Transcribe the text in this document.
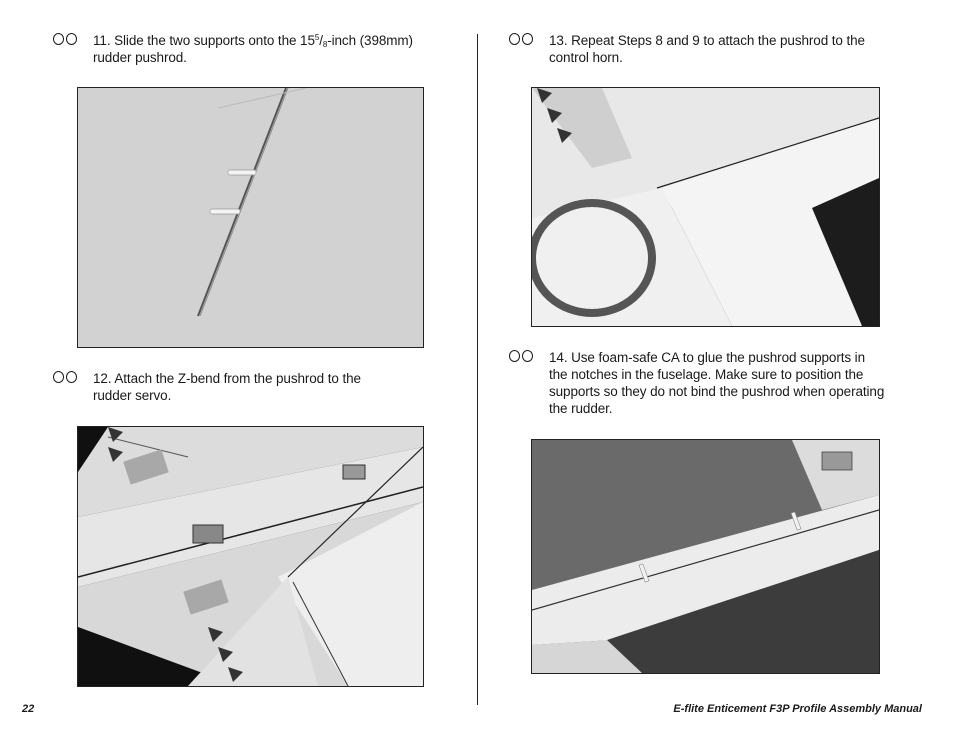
11. Slide the two supports onto the $15^5/_8$-inch (398mm)
rudder pushrod.
12. Attach the Z-bend from the pushrod to the
rudder servo.
13. Repeat Steps 8 and 9 to attach the pushrod to the
control horn.
14. Use foam-safe CA to glue the pushrod supports in
the notches in the fuselage. Make sure to position the
supports so they do not bind the pushrod when operating
the rudder.
22	E-flite Enticement F3P Profile Assembly Manual
